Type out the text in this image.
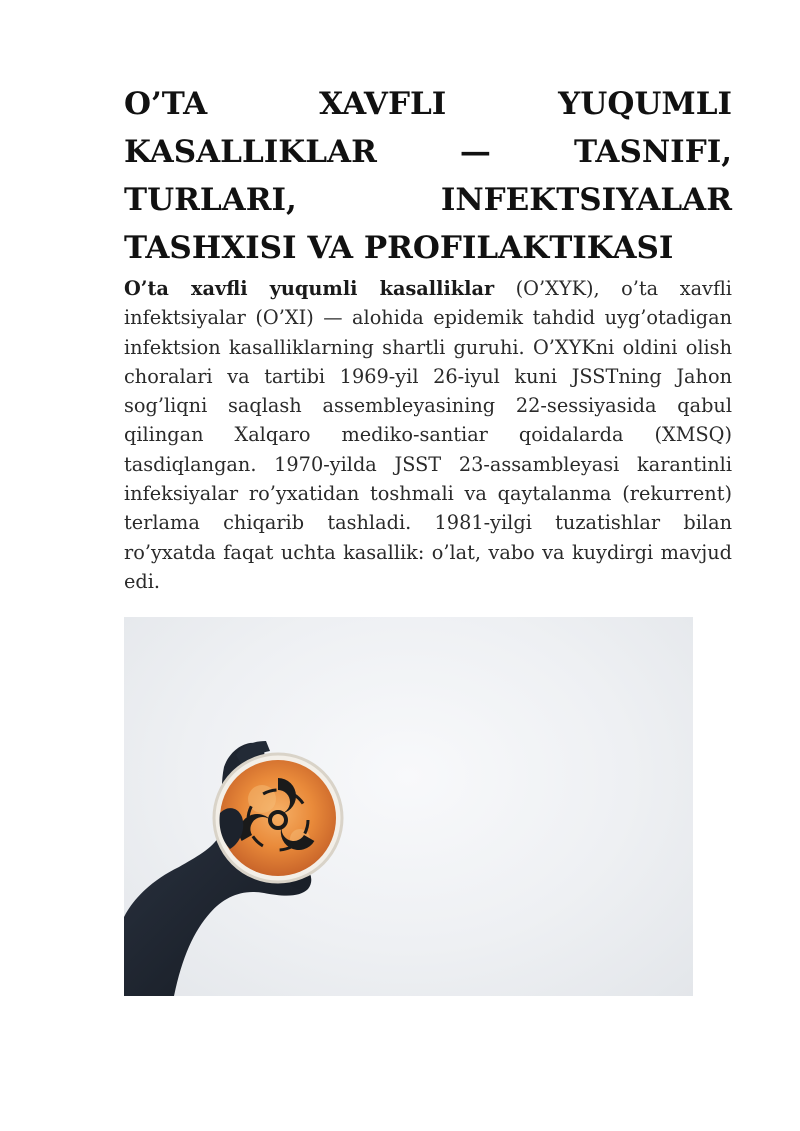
O’TA XAVFLI YUQUMLI KASALLIKLAR — TASNIFI, TURLARI, INFEKTSIYALAR TASHXISI VA PROFILAKTIKASI

O’ta xavfli yuqumli kasalliklar (O’XYK), o’ta xavfli infektsiyalar (O’XI) — alohida epidemik tahdid uyg’otadigan infektsion kasalliklarning shartli guruhi. O’XYKni oldini olish choralari va tartibi 1969-yil 26-iyul kuni JSSTning Jahon sog’liqni saqlash assembleyasining 22-sessiyasida qabul qilingan Xalqaro mediko-santiar qoidalarda (XMSQ) tasdiqlangan. 1970-yilda JSST 23-assambleyasi karantinli infeksiyalar ro’yxatidan toshmali va qaytalanma (rekurrent) terlama chiqarib tashladi. 1981-yilgi tuzatishlar bilan ro’yxatda faqat uchta kasallik: o’lat, vabo va kuydirgi mavjud edi.
